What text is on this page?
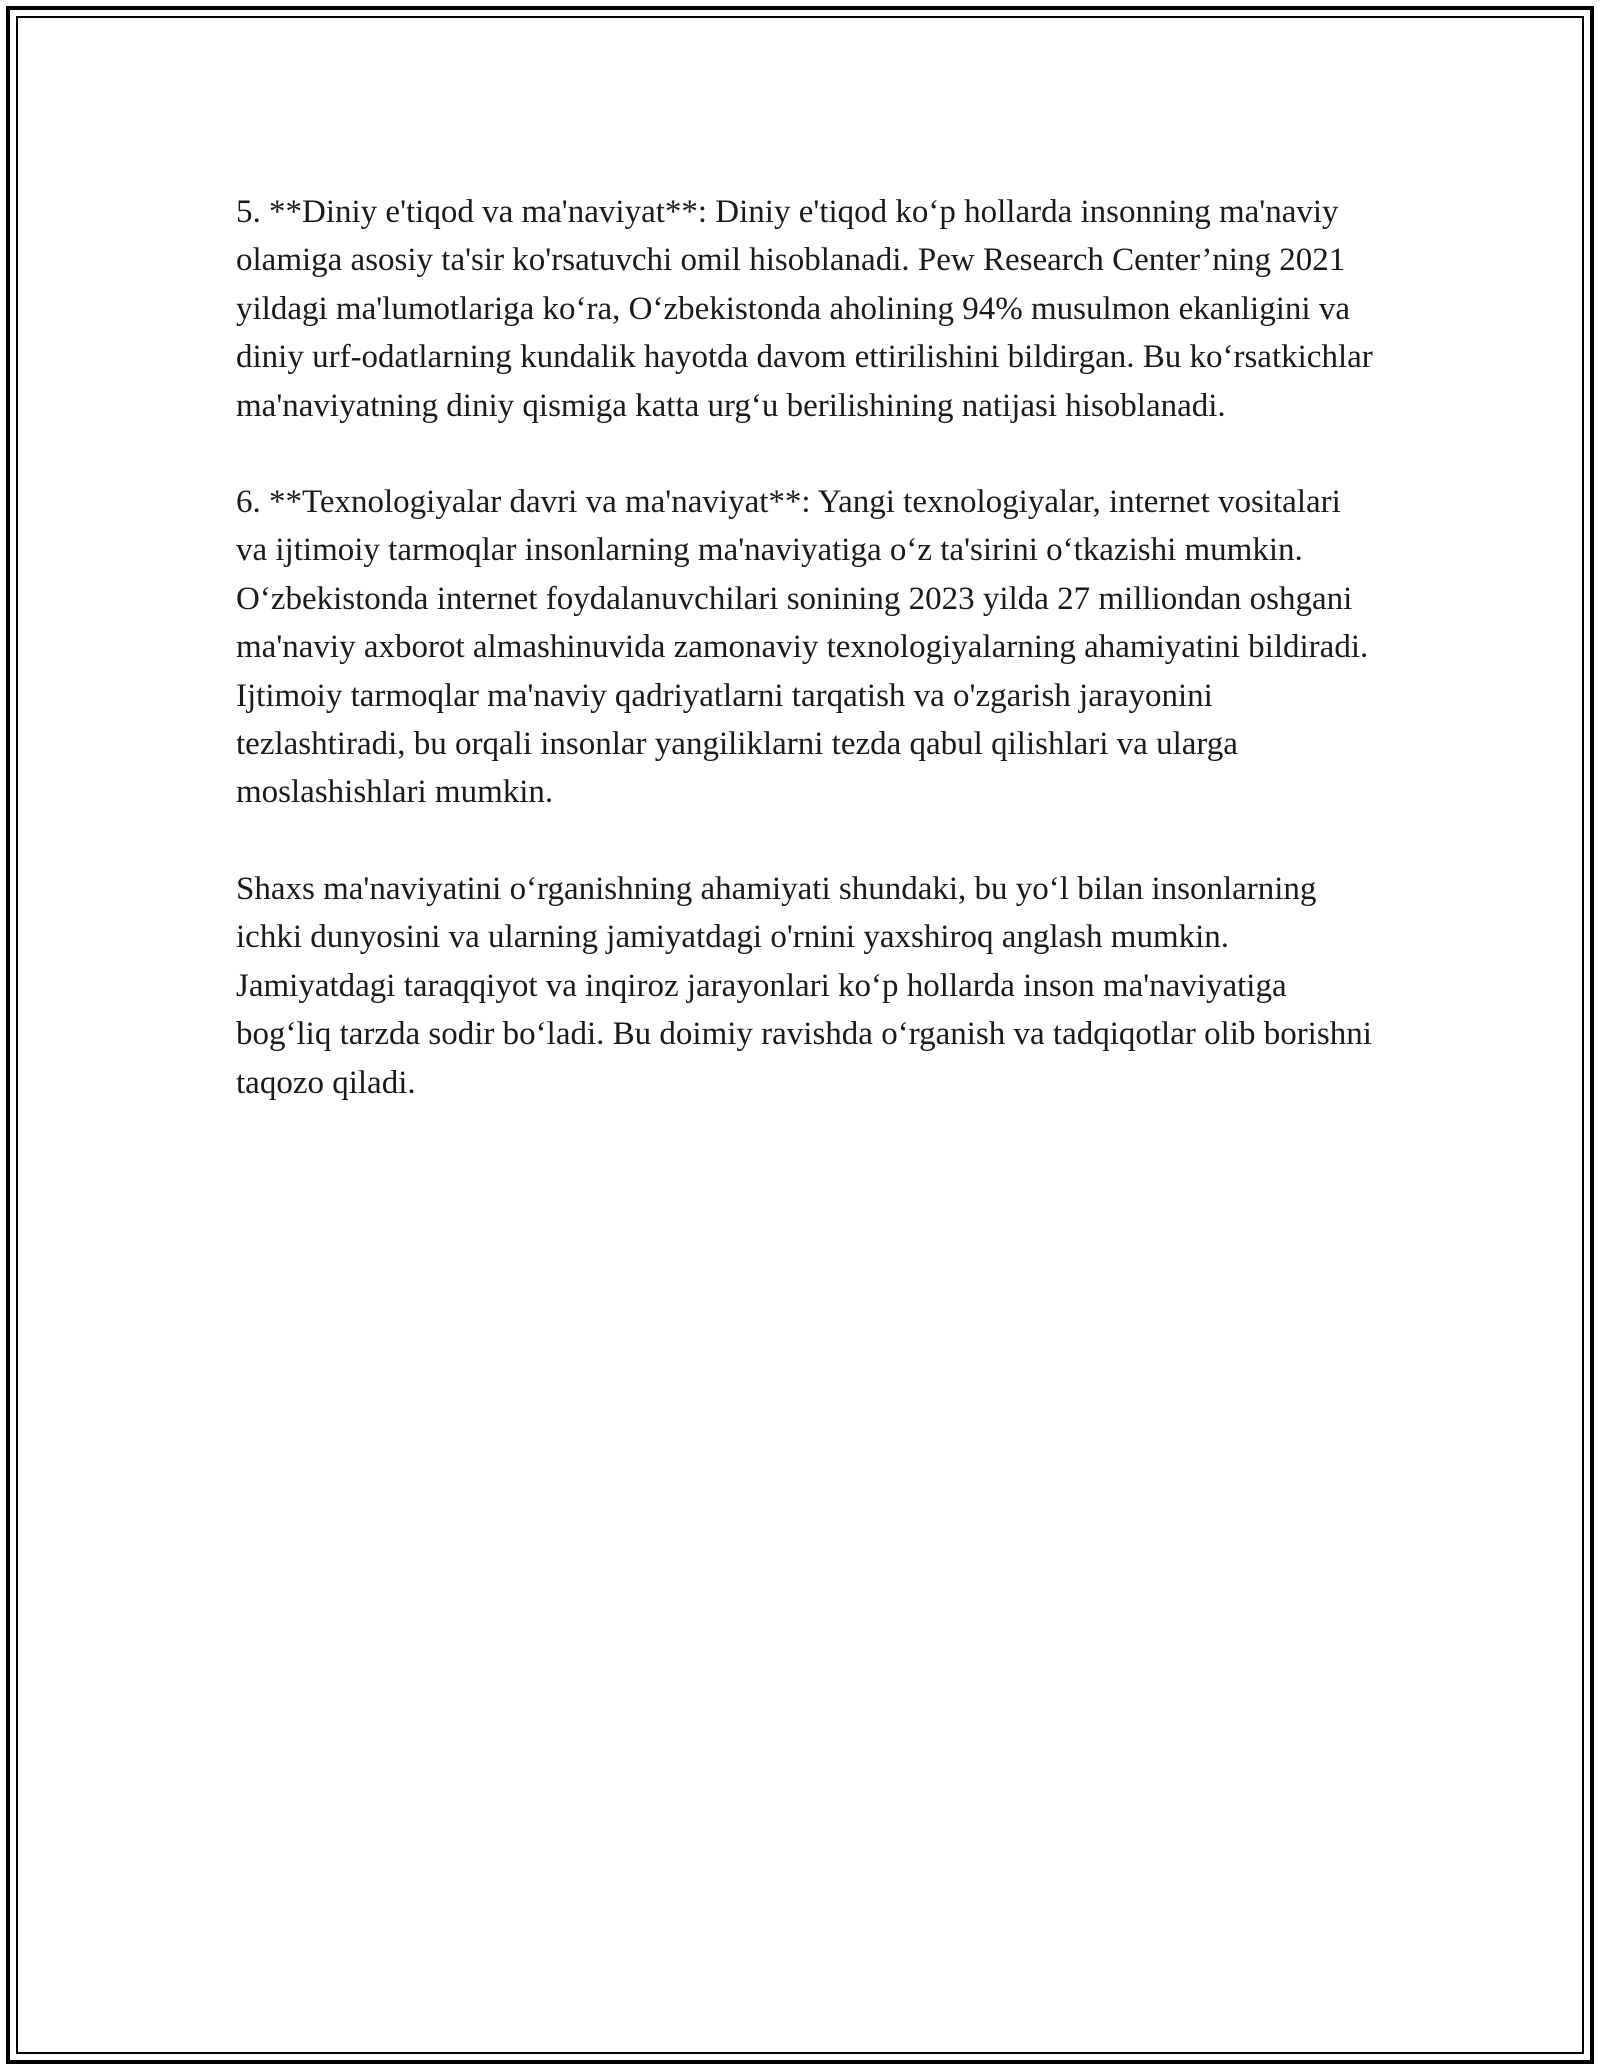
5. **Diniy e'tiqod va ma'naviyat**: Diniy e'tiqod ko‘p hollarda insonning ma'naviy olamiga asosiy ta'sir ko'rsatuvchi omil hisoblanadi. Pew Research Center’ning 2021 yildagi ma'lumotlariga ko‘ra, O‘zbekistonda aholining 94% musulmon ekanligini va diniy urf-odatlarning kundalik hayotda davom ettirilishini bildirgan. Bu ko‘rsatkichlar ma'naviyatning diniy qismiga katta urg‘u berilishining natijasi hisoblanadi.

6. **Texnologiyalar davri va ma'naviyat**: Yangi texnologiyalar, internet vositalari va ijtimoiy tarmoqlar insonlarning ma'naviyatiga o‘z ta'sirini o‘tkazishi mumkin. O‘zbekistonda internet foydalanuvchilari sonining 2023 yilda 27 milliondan oshgani ma'naviy axborot almashinuvida zamonaviy texnologiyalarning ahamiyatini bildiradi. Ijtimoiy tarmoqlar ma'naviy qadriyatlarni tarqatish va o'zgarish jarayonini tezlashtiradi, bu orqali insonlar yangiliklarni tezda qabul qilishlari va ularga moslashishlari mumkin.

Shaxs ma'naviyatini o‘rganishning ahamiyati shundaki, bu yo‘l bilan insonlarning ichki dunyosini va ularning jamiyatdagi o'rnini yaxshiroq anglash mumkin. Jamiyatdagi taraqqiyot va inqiroz jarayonlari ko‘p hollarda inson ma'naviyatiga bog‘liq tarzda sodir bo‘ladi. Bu doimiy ravishda o‘rganish va tadqiqotlar olib borishni taqozo qiladi.
